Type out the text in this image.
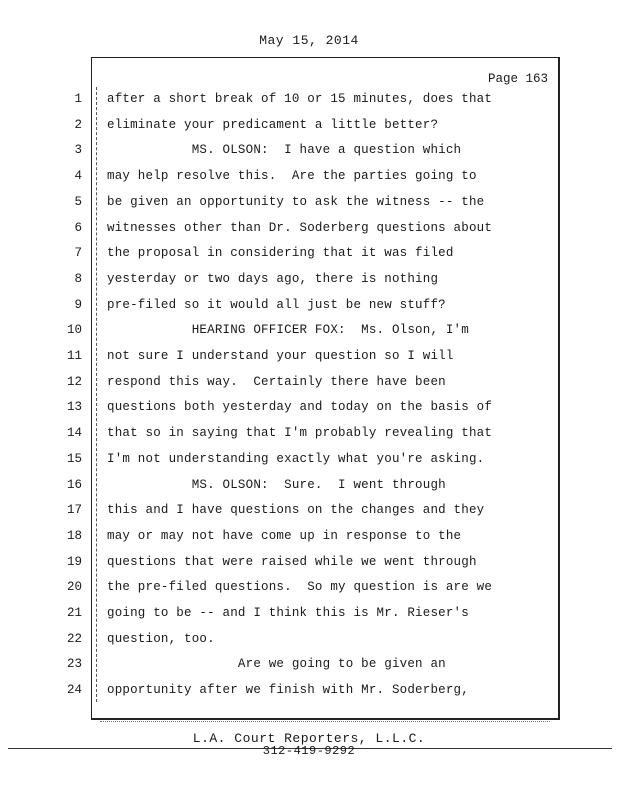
May 15, 2014
Page 163
1 after a short break of 10 or 15 minutes, does that
2 eliminate your predicament a little better?
3 MS. OLSON:  I have a question which
4 may help resolve this.  Are the parties going to
5 be given an opportunity to ask the witness -- the
6 witnesses other than Dr. Soderberg questions about
7 the proposal in considering that it was filed
8 yesterday or two days ago, there is nothing
9 pre-filed so it would all just be new stuff?
10 HEARING OFFICER FOX:  Ms. Olson, I'm
11 not sure I understand your question so I will
12 respond this way.  Certainly there have been
13 questions both yesterday and today on the basis of
14 that so in saying that I'm probably revealing that
15 I'm not understanding exactly what you're asking.
16 MS. OLSON:  Sure.  I went through
17 this and I have questions on the changes and they
18 may or may not have come up in response to the
19 questions that were raised while we went through
20 the pre-filed questions.  So my question is are we
21 going to be -- and I think this is Mr. Rieser's
22 question, too.
23 Are we going to be given an
24 opportunity after we finish with Mr. Soderberg,
L.A. Court Reporters, L.L.C.
312-419-9292
